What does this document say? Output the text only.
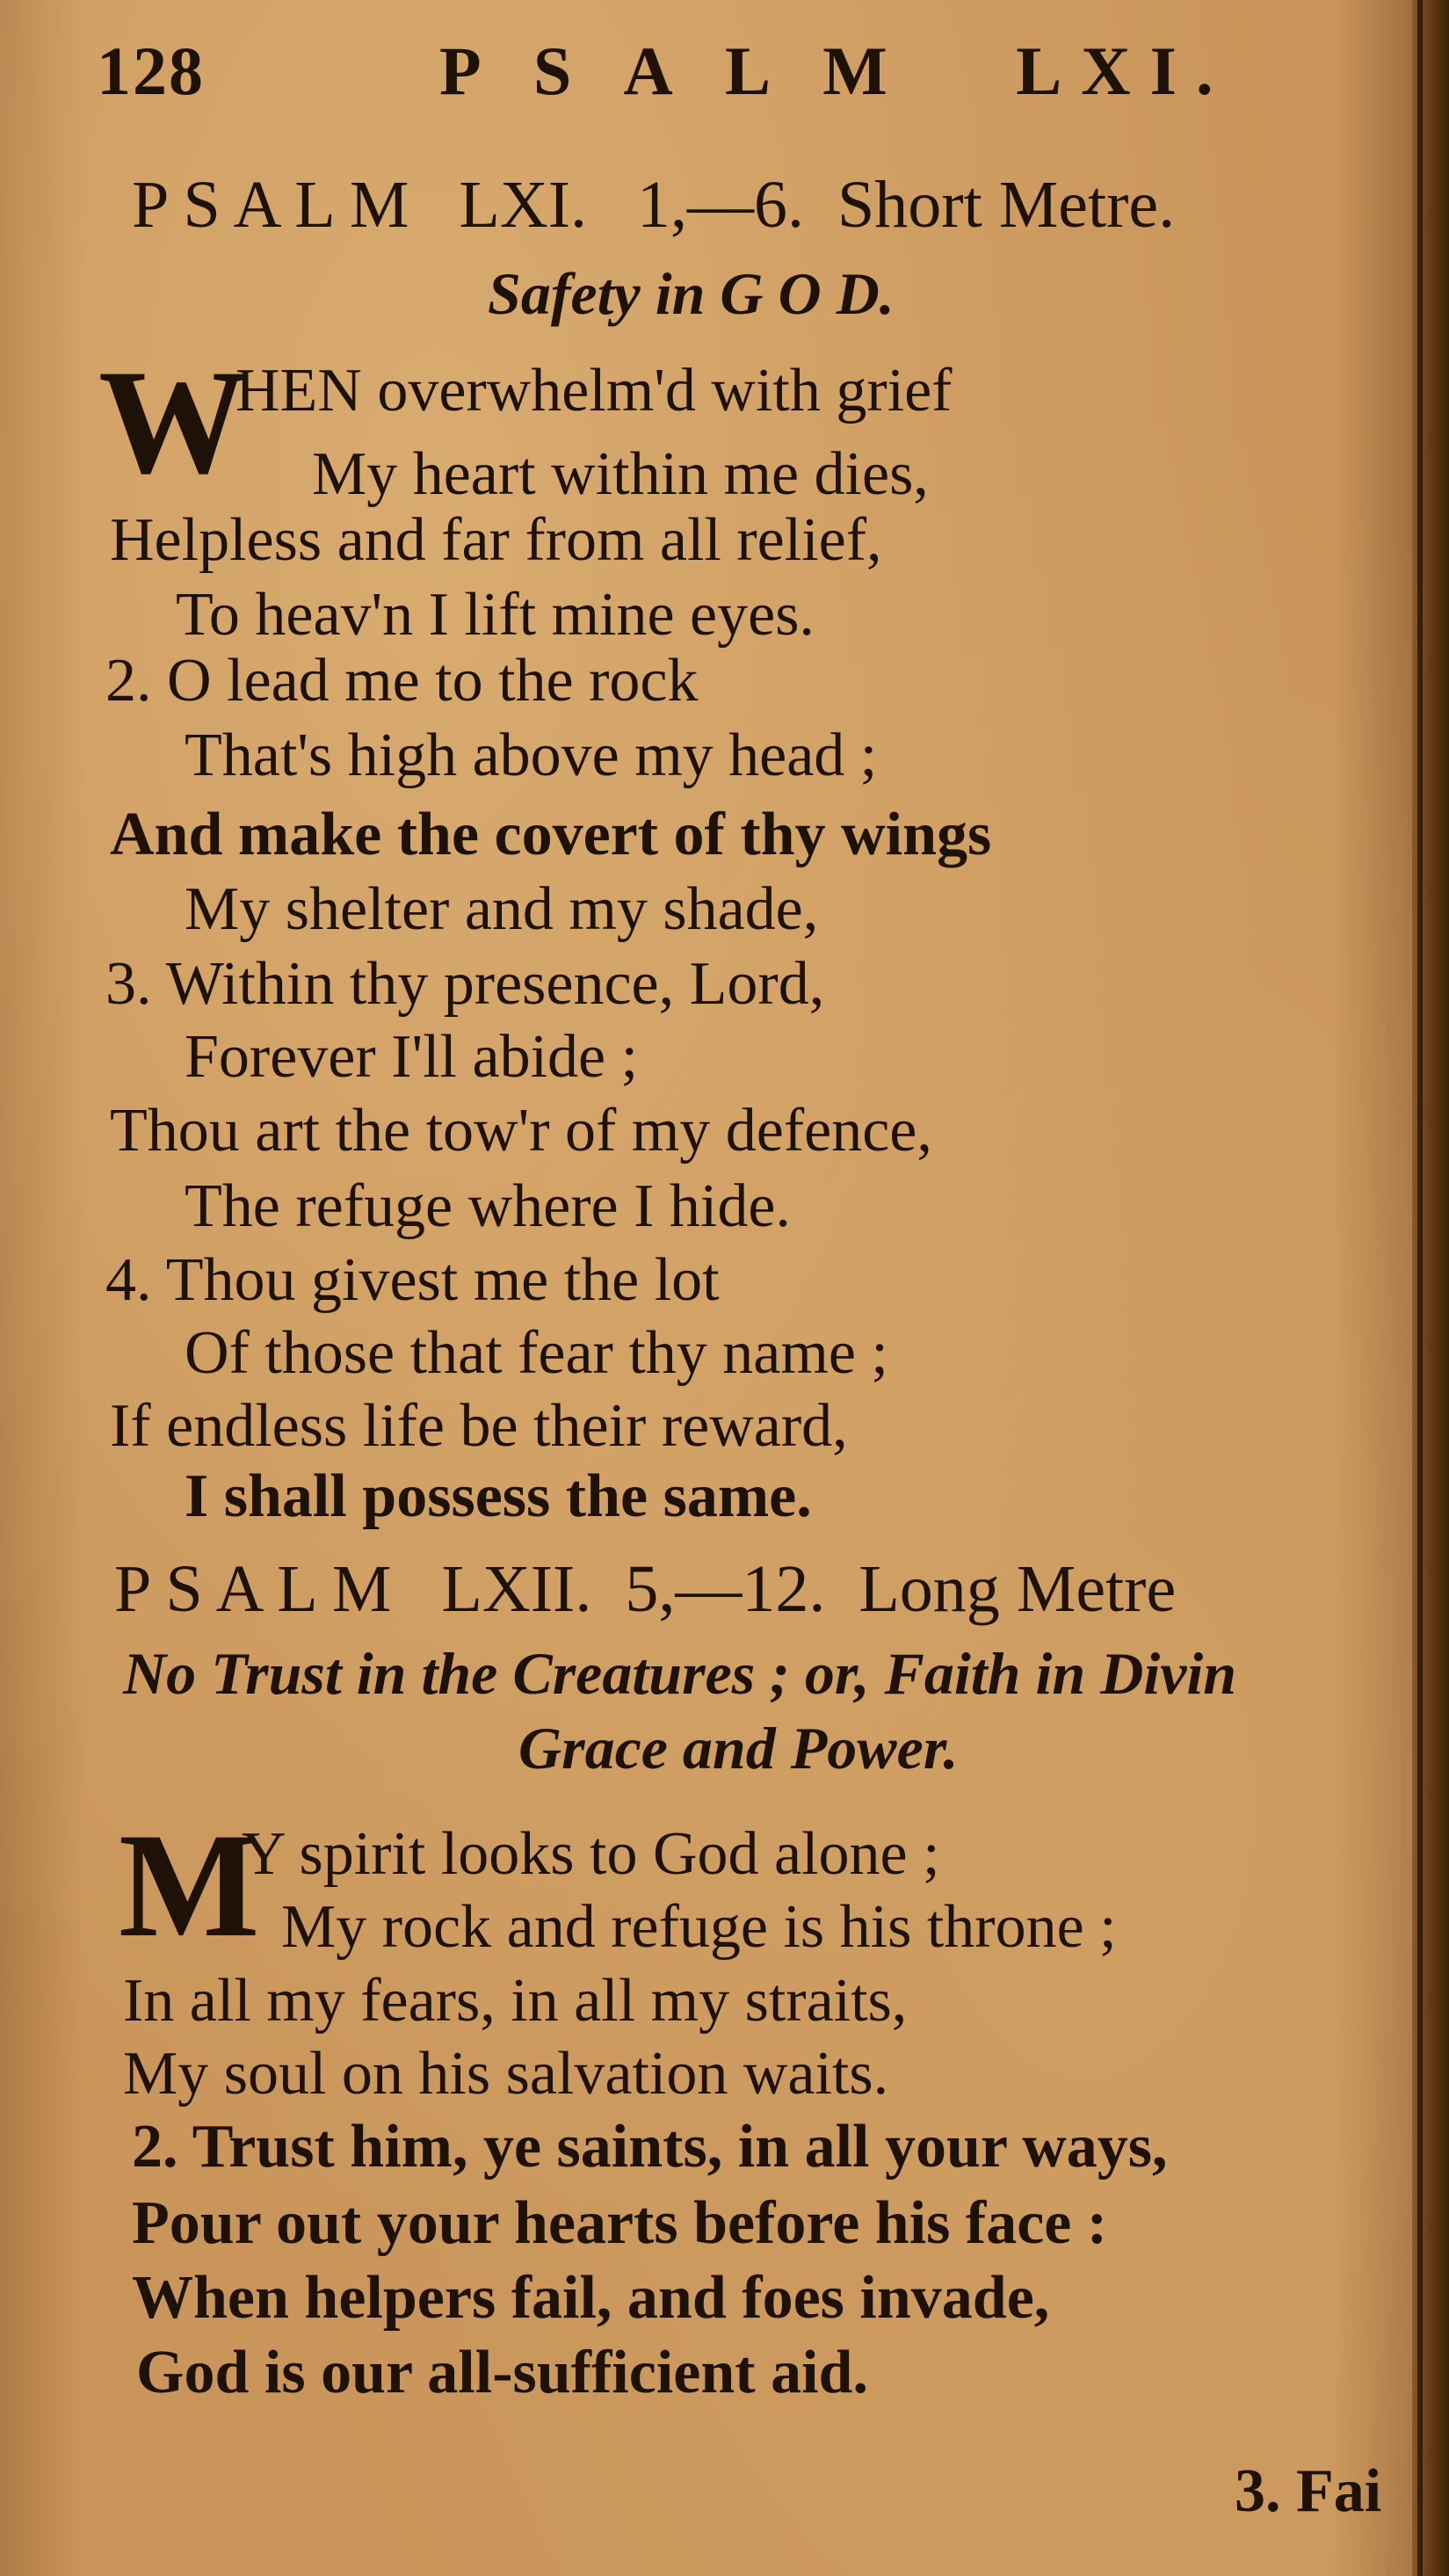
128	P S A L M   LXI.
P S A L M   LXI.   1,—6.  Short Metre.
Safety in G O D.
W
HEN overwhelm'd with grief
My heart within me dies,
Helpless and far from all relief,
To heav'n I lift mine eyes.
2. O lead me to the rock
That's high above my head ;
And make the covert of thy wings
My shelter and my shade,
3. Within thy presence, Lord,
Forever I'll abide ;
Thou art the tow'r of my defence,
The refuge where I hide.
4. Thou givest me the lot
Of those that fear thy name ;
If endless life be their reward,
I shall possess the same.
P S A L M   LXII.  5,—12.  Long Metre
No Trust in the Creatures ; or, Faith in Divin
Grace and Power.
M
Y spirit looks to God alone ;
My rock and refuge is his throne ;
In all my fears, in all my straits,
My soul on his salvation waits.
2. Trust him, ye saints, in all your ways,
Pour out your hearts before his face :
When helpers fail, and foes invade,
God is our all-sufficient aid.
3. Fai
